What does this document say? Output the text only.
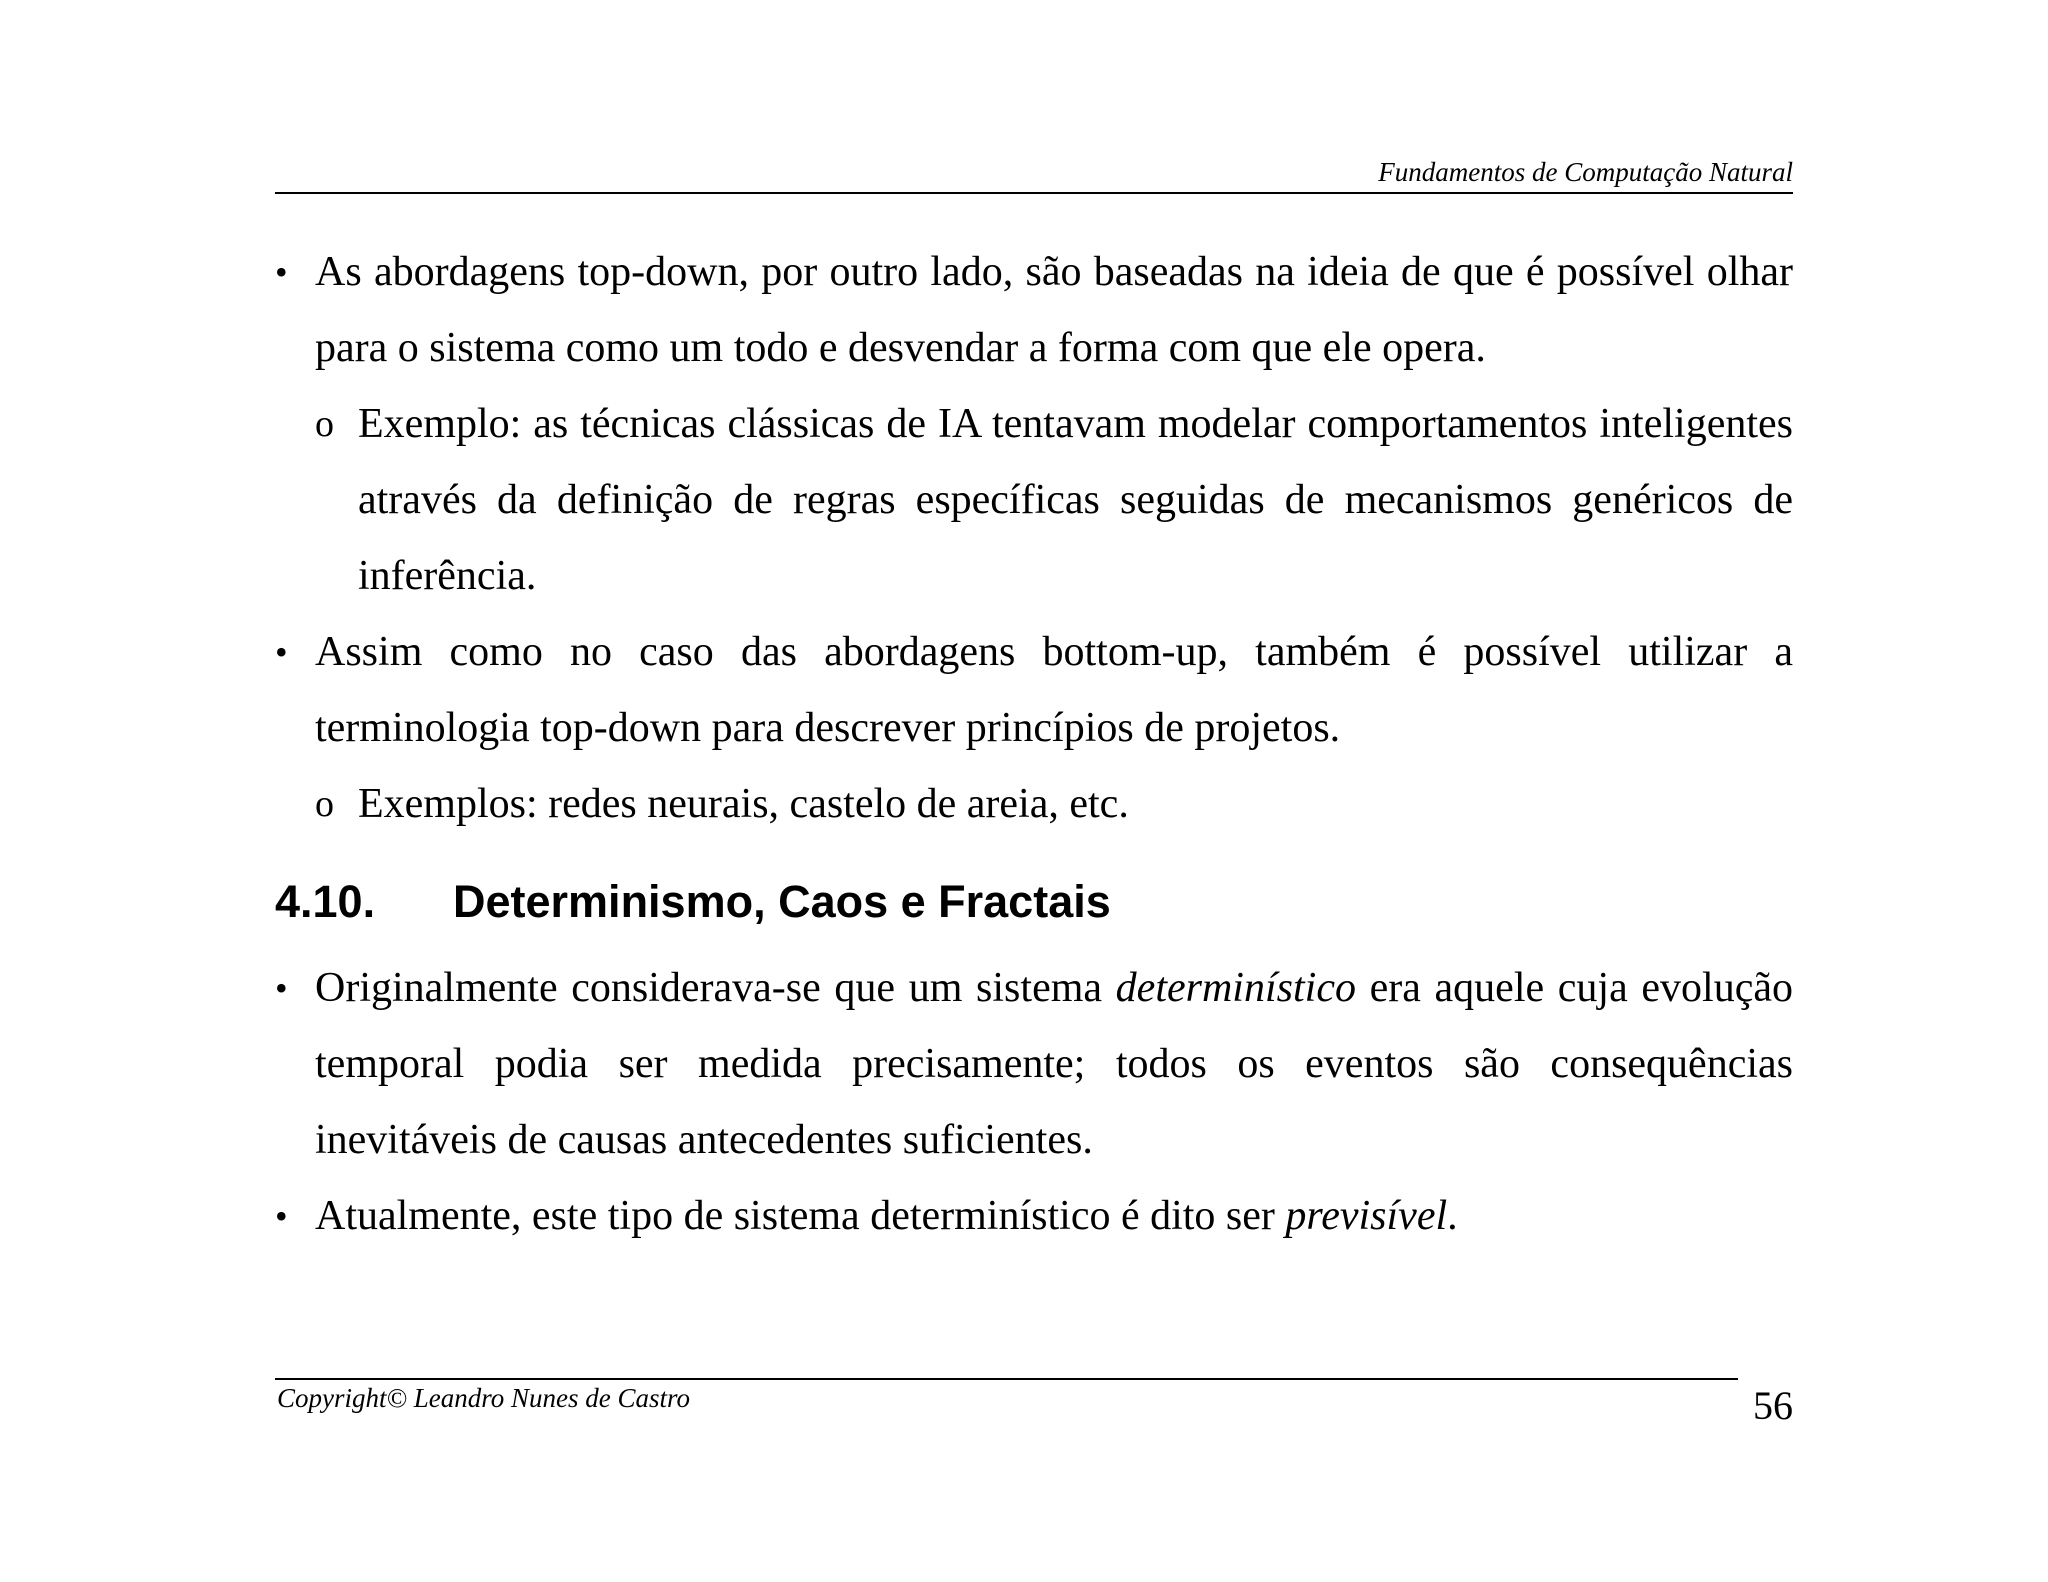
Fundamentos de Computação Natural
• As abordagens top-down, por outro lado, são baseadas na ideia de que é possível olhar para o sistema como um todo e desvendar a forma com que ele opera.
o Exemplo: as técnicas clássicas de IA tentavam modelar comportamentos inteligentes através da definição de regras específicas seguidas de mecanismos genéricos de inferência.
• Assim como no caso das abordagens bottom-up, também é possível utilizar a terminologia top-down para descrever princípios de projetos.
o Exemplos: redes neurais, castelo de areia, etc.
4.10. Determinismo, Caos e Fractais
• Originalmente considerava-se que um sistema determinístico era aquele cuja evolução temporal podia ser medida precisamente; todos os eventos são consequências inevitáveis de causas antecedentes suficientes.
• Atualmente, este tipo de sistema determinístico é dito ser previsível.
Copyright© Leandro Nunes de Castro	56
